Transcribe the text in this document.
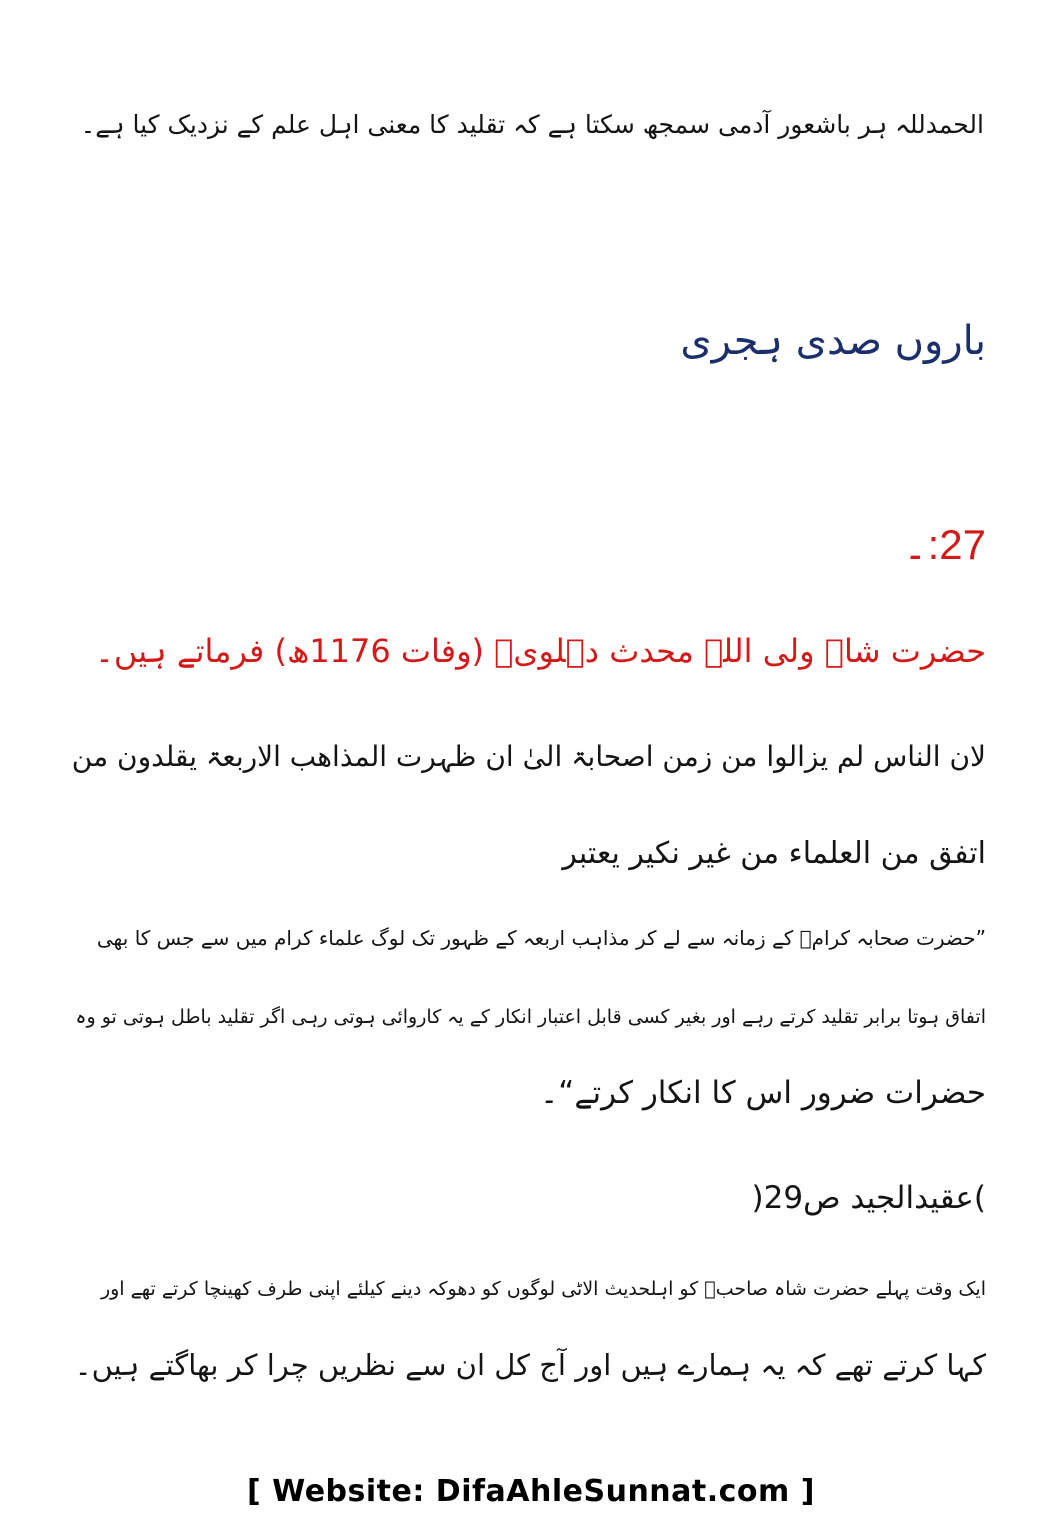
الحمدللہ ہر باشعور آدمی سمجھ سکتا ہے کہ تقلید کا معنی اہل علم کے نزدیک کیا ہے۔
باروں صدی ہجری
27:۔
حضرت شاہ ولی اللہ محدث دہلویؒ (وفات 1176ھ) فرماتے ہیں۔
لان الناس لم یزالوا من زمن اصحابۃ الیٰ ان ظہرت المذاھب الاربعۃ یقلدون من
اتفق من العلماء من غیر نکیر یعتبر
”حضرت صحابہ کرامؓ کے زمانہ سے لے کر مذاہب اربعہ کے ظہور تک لوگ علماء کرام میں سے جس کا بھی
اتفاق ہوتا برابر تقلید کرتے رہے اور بغیر کسی قابل اعتبار انکار کے یہ کاروائی ہوتی رہی اگر تقلید باطل ہوتی تو وہ
حضرات ضرور اس کا انکار کرتے“۔
)عقیدالجید ص29(
ایک وقت پہلے حضرت شاہ صاحبؒ کو اہلحدیث الاٹی لوگوں کو دھوکہ دینے کیلئے اپنی طرف کھینچا کرتے تھے اور
کہا کرتے تھے کہ یہ ہمارے ہیں اور آج کل ان سے نظریں چرا کر بھاگتے ہیں۔
[ Website: DifaAhleSunnat.com ]
